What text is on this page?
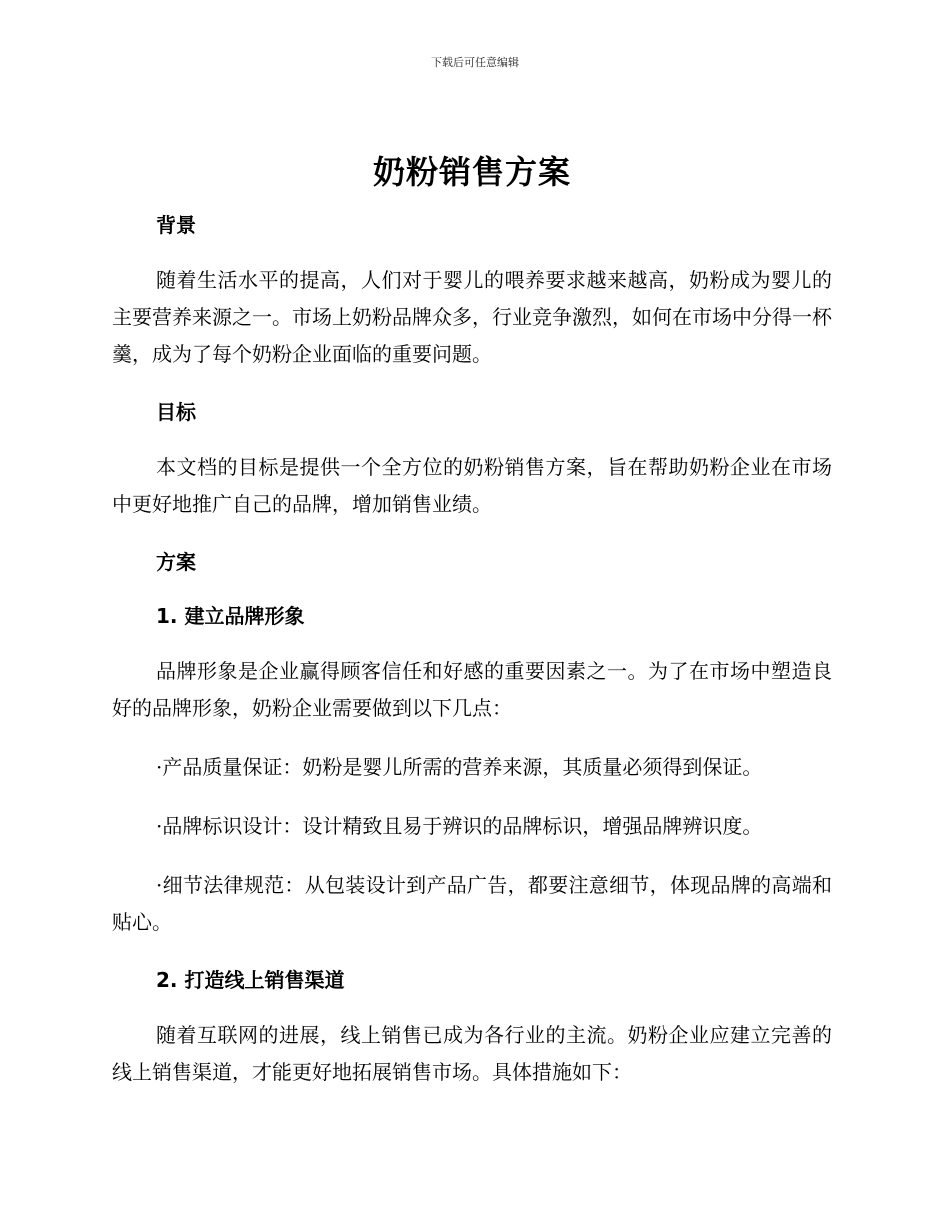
下载后可任意编辑
奶粉销售方案
背景

随着生活水平的提高，人们对于婴儿的喂养要求越来越高，奶粉成为婴儿的主要营养来源之一。市场上奶粉品牌众多，行业竞争激烈，如何在市场中分得一杯羹，成为了每个奶粉企业面临的重要问题。

目标

本文档的目标是提供一个全方位的奶粉销售方案，旨在帮助奶粉企业在市场中更好地推广自己的品牌，增加销售业绩。

方案
1. 建立品牌形象

品牌形象是企业赢得顾客信任和好感的重要因素之一。为了在市场中塑造良好的品牌形象，奶粉企业需要做到以下几点：

·产品质量保证：奶粉是婴儿所需的营养来源，其质量必须得到保证。

·品牌标识设计：设计精致且易于辨识的品牌标识，增强品牌辨识度。

·细节法律规范：从包装设计到产品广告，都要注意细节，体现品牌的高端和贴心。

2. 打造线上销售渠道

随着互联网的进展，线上销售已成为各行业的主流。奶粉企业应建立完善的线上销售渠道，才能更好地拓展销售市场。具体措施如下：
